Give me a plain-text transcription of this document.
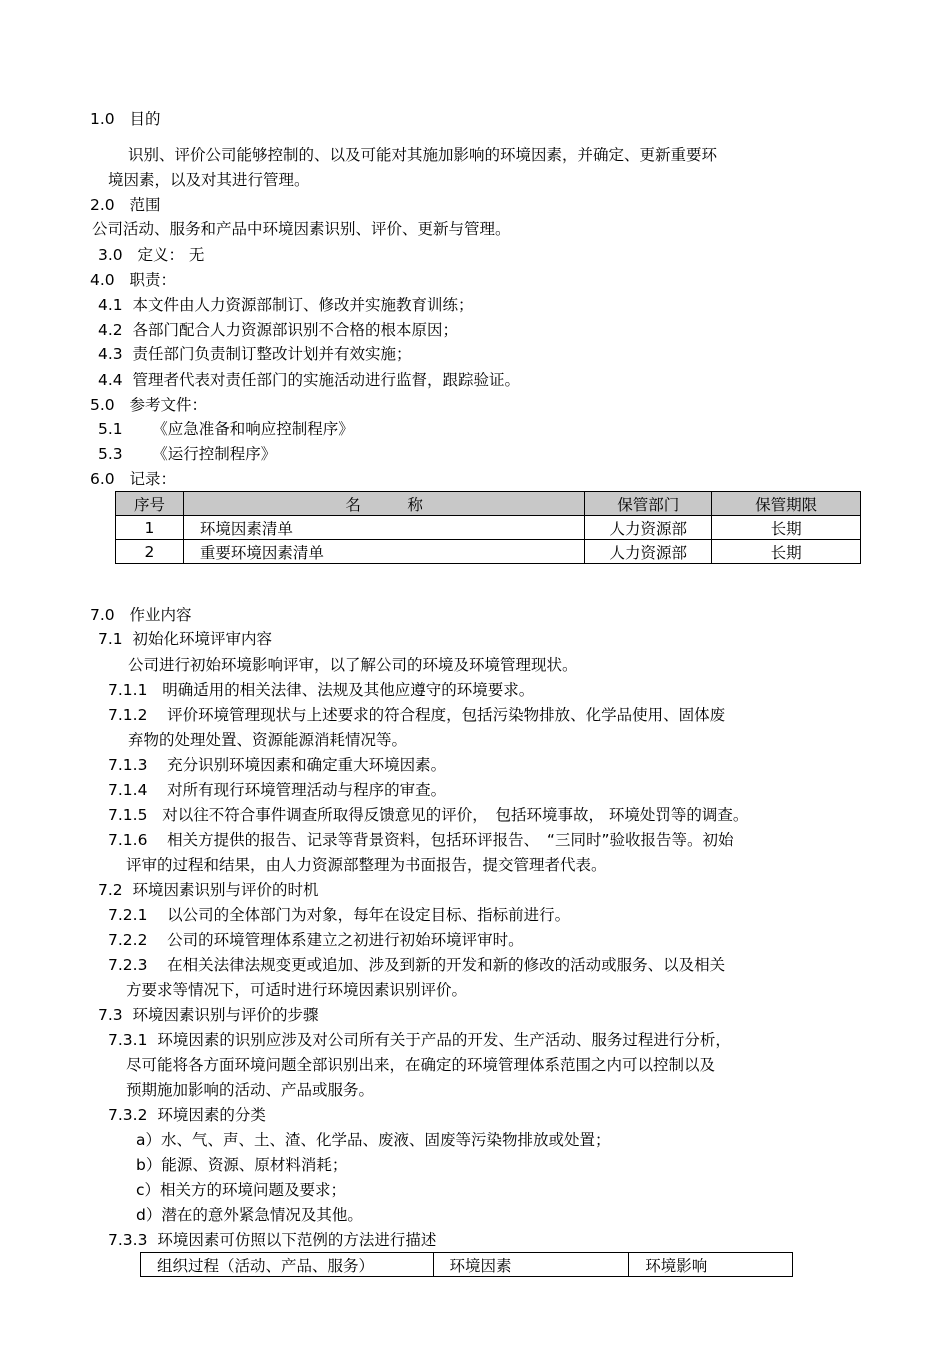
1.0 目的
识别、评价公司能够控制的、以及可能对其施加影响的环境因素，并确定、更新重要环
境因素，以及对其进行管理。
2.0 范围
公司活动、服务和产品中环境因素识别、评价、更新与管理。
3.0 定义： 无
4.0 职责：
4.1 本文件由人力资源部制订、修改并实施教育训练；
4.2 各部门配合人力资源部识别不合格的根本原因；
4.3 责任部门负责制订整改计划并有效实施；
4.4 管理者代表对责任部门的实施活动进行监督，跟踪验证。
5.0 参考文件：
5.1 《应急准备和响应控制程序》
5.3 《运行控制程序》
6.0 记录：
序号	名　　　称	保管部门	保管期限
1	环境因素清单	人力资源部	长期
2	重要环境因素清单	人力资源部	长期
7.0 作业内容
7.1 初始化环境评审内容
公司进行初始环境影响评审，以了解公司的环境及环境管理现状。
7.1.1 明确适用的相关法律、法规及其他应遵守的环境要求。
7.1.2 评价环境管理现状与上述要求的符合程度，包括污染物排放、化学品使用、固体废
弃物的处理处置、资源能源消耗情况等。
7.1.3 充分识别环境因素和确定重大环境因素。
7.1.4 对所有现行环境管理活动与程序的审查。
7.1.5 对以往不符合事件调查所取得反馈意见的评价，　包括环境事故， 环境处罚等的调查。
7.1.6 相关方提供的报告、记录等背景资料，包括环评报告、　“三同时”验收报告等。初始
评审的过程和结果，由人力资源部整理为书面报告，提交管理者代表。
7.2 环境因素识别与评价的时机
7.2.1 以公司的全体部门为对象，每年在设定目标、指标前进行。
7.2.2 公司的环境管理体系建立之初进行初始环境评审时。
7.2.3 在相关法律法规变更或追加、涉及到新的开发和新的修改的活动或服务、以及相关
方要求等情况下，可适时进行环境因素识别评价。
7.3 环境因素识别与评价的步骤
7.3.1 环境因素的识别应涉及对公司所有关于产品的开发、生产活动、服务过程进行分析，
尽可能将各方面环境问题全部识别出来，在确定的环境管理体系范围之内可以控制以及
预期施加影响的活动、产品或服务。
7.3.2 环境因素的分类
a）水、气、声、土、渣、化学品、废液、固废等污染物排放或处置；
b）能源、资源、原材料消耗；
c）相关方的环境问题及要求；
d）潜在的意外紧急情况及其他。
7.3.3 环境因素可仿照以下范例的方法进行描述
组织过程（活动、产品、服务）	环境因素	环境影响
